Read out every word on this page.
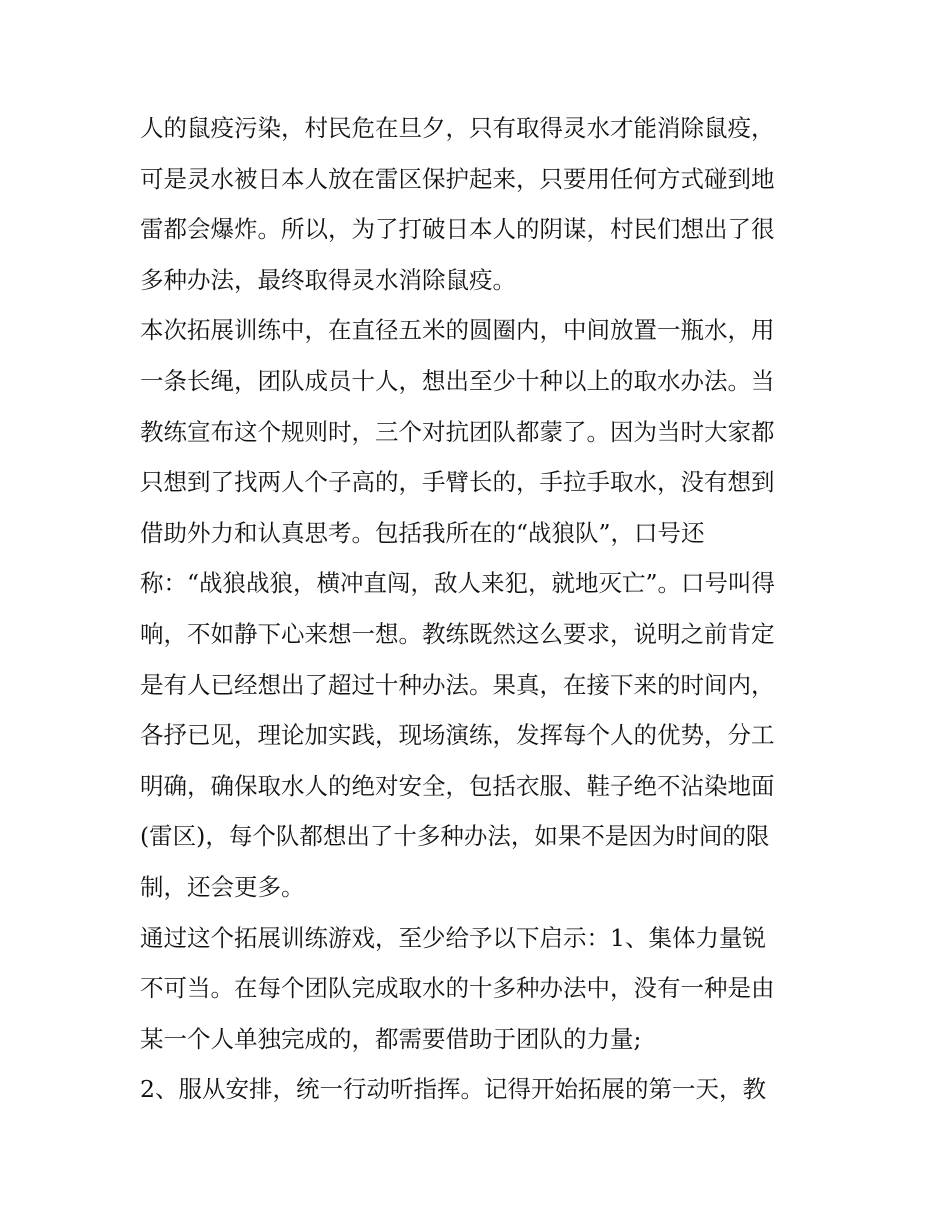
人的鼠疫污染，村民危在旦夕，只有取得灵水才能消除鼠疫，
可是灵水被日本人放在雷区保护起来，只要用任何方式碰到地
雷都会爆炸。所以，为了打破日本人的阴谋，村民们想出了很
多种办法，最终取得灵水消除鼠疫。
本次拓展训练中，在直径五米的圆圈内，中间放置一瓶水，用
一条长绳，团队成员十人，想出至少十种以上的取水办法。当
教练宣布这个规则时，三个对抗团队都蒙了。因为当时大家都
只想到了找两人个子高的，手臂长的，手拉手取水，没有想到
借助外力和认真思考。包括我所在的“战狼队”，口号还
称：“战狼战狼，横冲直闯，敌人来犯，就地灭亡”。口号叫得
响，不如静下心来想一想。教练既然这么要求，说明之前肯定
是有人已经想出了超过十种办法。果真，在接下来的时间内，
各抒已见，理论加实践，现场演练，发挥每个人的优势，分工
明确，确保取水人的绝对安全，包括衣服、鞋子绝不沾染地面
(雷区)，每个队都想出了十多种办法，如果不是因为时间的限
制，还会更多。
通过这个拓展训练游戏，至少给予以下启示：1、集体力量锐
不可当。在每个团队完成取水的十多种办法中，没有一种是由
某一个人单独完成的，都需要借助于团队的力量;
2、服从安排，统一行动听指挥。记得开始拓展的第一天，教
